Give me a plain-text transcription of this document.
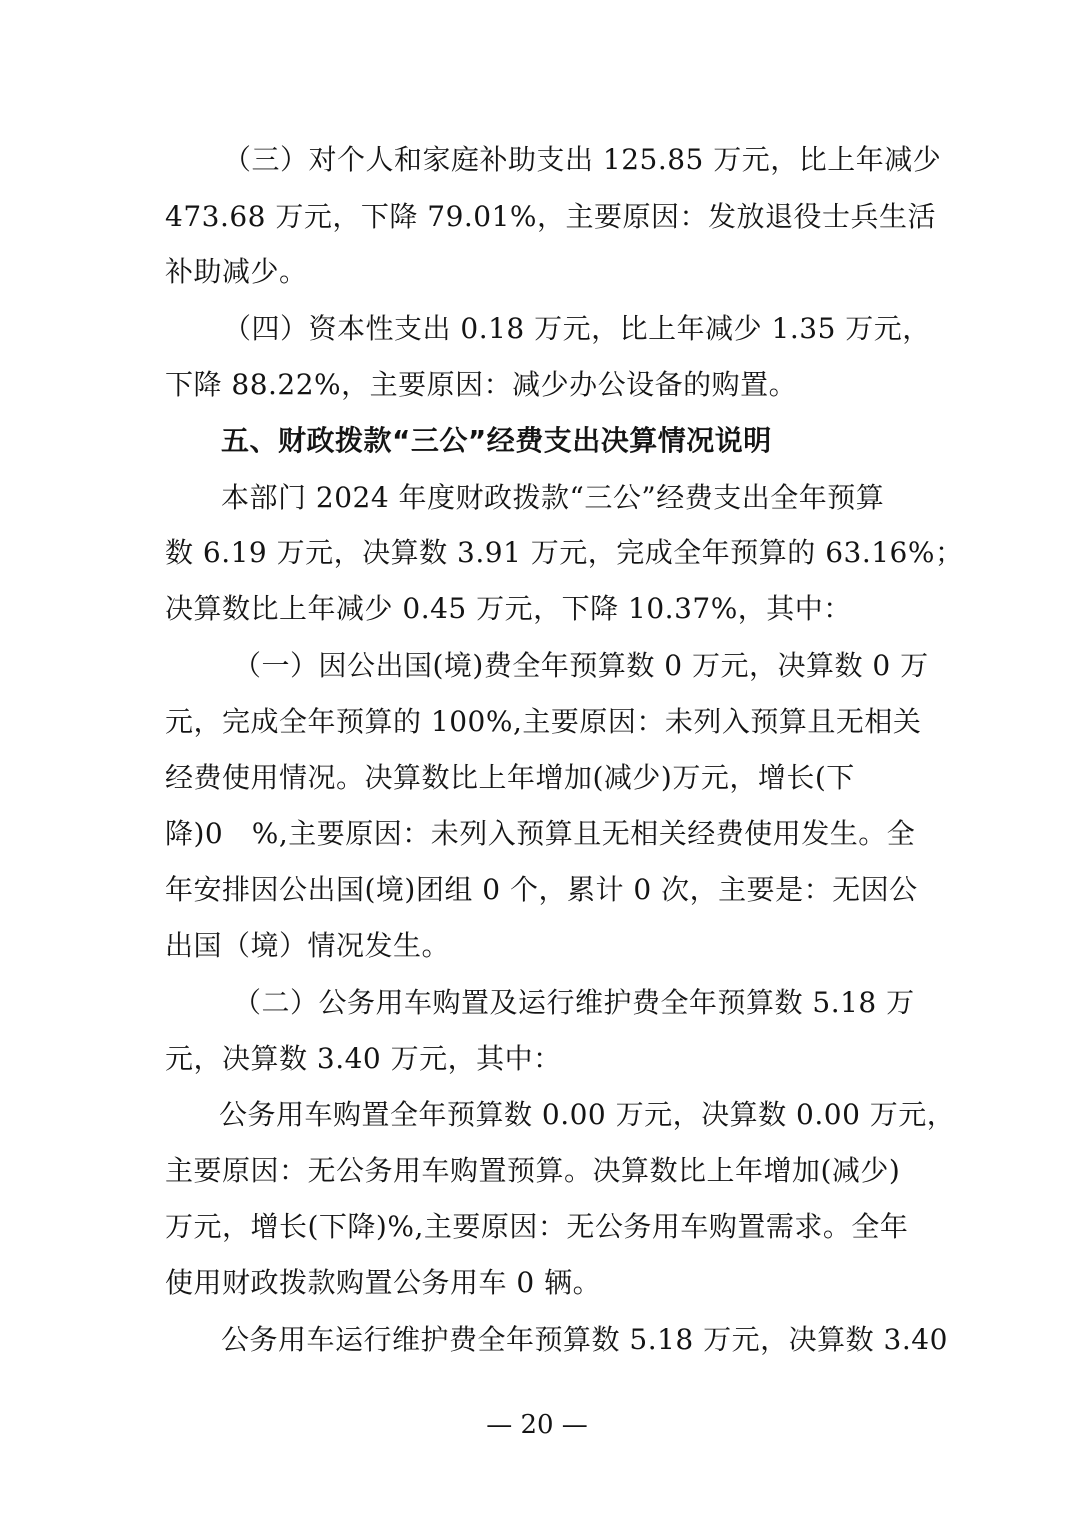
（三）对个人和家庭补助支出 125.85 万元，比上年减少
473.68 万元，下降 79.01%，主要原因：发放退役士兵生活
补助减少。
（四）资本性支出 0.18 万元，比上年减少 1.35 万元，
下降 88.22%，主要原因：减少办公设备的购置。
五、财政拨款“三公”经费支出决算情况说明
本部门 2024 年度财政拨款“三公”经费支出全年预算
数 6.19 万元，决算数 3.91 万元，完成全年预算的 63.16%；
决算数比上年减少 0.45 万元，下降 10.37%，其中：
（一）因公出国(境)费全年预算数 0 万元，决算数 0 万
元，完成全年预算的 100%,主要原因：未列入预算且无相关
经费使用情况。决算数比上年增加(减少)万元，增长(下
降)0　%,主要原因：未列入预算且无相关经费使用发生。全
年安排因公出国(境)团组 0 个，累计 0 次，主要是：无因公
出国（境）情况发生。
（二）公务用车购置及运行维护费全年预算数 5.18 万
元，决算数 3.40 万元，其中：
公务用车购置全年预算数 0.00 万元，决算数 0.00 万元，
主要原因：无公务用车购置预算。决算数比上年增加(减少)
万元，增长(下降)%,主要原因：无公务用车购置需求。全年
使用财政拨款购置公务用车 0 辆。
公务用车运行维护费全年预算数 5.18 万元，决算数 3.40
— 20 —
